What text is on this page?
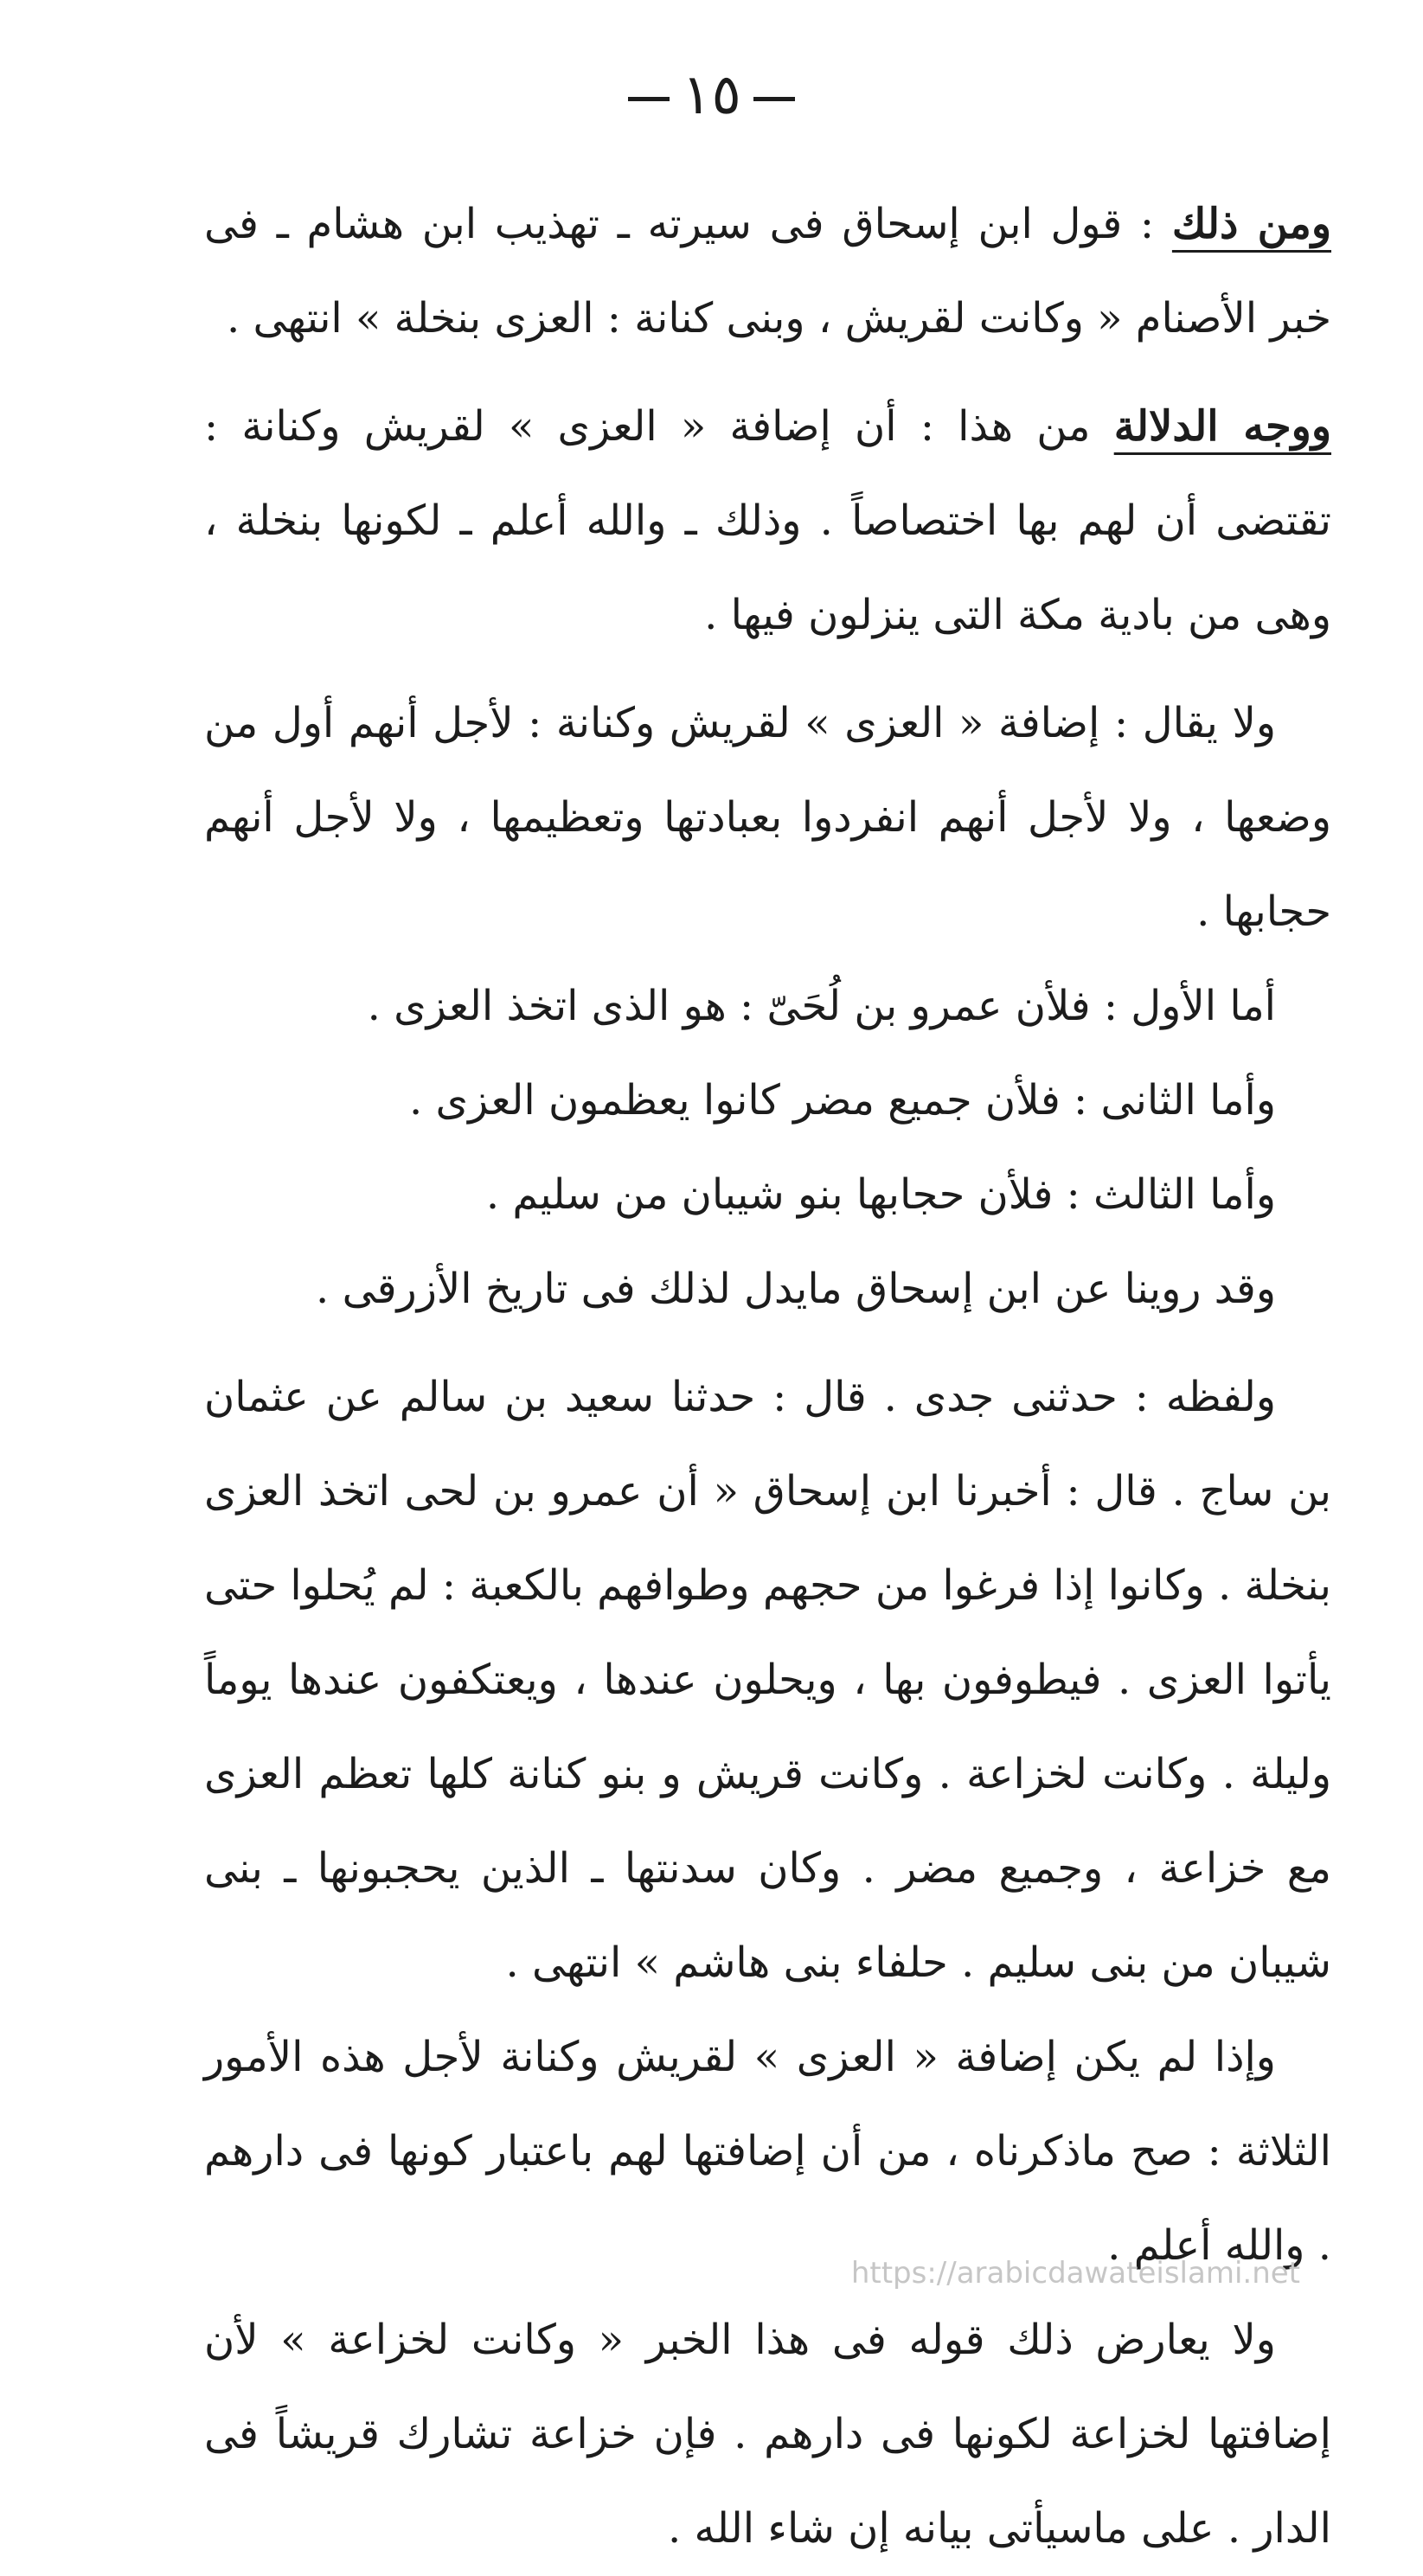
١٥

ومن ذلك : قول ابن إسحاق فى سيرته ـ تهذيب ابن هشام ـ فى خبر الأصنام « وكانت لقريش ، وبنى كنانة : العزى بنخلة » انتهى .

ووجه الدلالة من هذا : أن إضافة « العزى » لقريش وكنانة : تقتضى أن لهم بها اختصاصاً . وذلك ـ والله أعلم ـ لكونها بنخلة ، وهى من بادية مكة التى ينزلون فيها .

ولا يقال : إضافة « العزى » لقريش وكنانة : لأجل أنهم أول من وضعها ، ولا لأجل أنهم انفردوا بعبادتها وتعظيمها ، ولا لأجل أنهم حجابها .

أما الأول : فلأن عمرو بن لُحَىّ : هو الذى اتخذ العزى .

وأما الثانى : فلأن جميع مضر كانوا يعظمون العزى .

وأما الثالث : فلأن حجابها بنو شيبان من سليم .

وقد روينا عن ابن إسحاق مايدل لذلك فى تاريخ الأزرقى .

ولفظه : حدثنى جدى . قال : حدثنا سعيد بن سالم عن عثمان بن ساج . قال : أخبرنا ابن إسحاق « أن عمرو بن لحى اتخذ العزى بنخلة . وكانوا إذا فرغوا من حجهم وطوافهم بالكعبة : لم يُحلوا حتى يأتوا العزى . فيطوفون بها ، ويحلون عندها ، ويعتكفون عندها يوماً وليلة . وكانت لخزاعة . وكانت قريش و بنو كنانة كلها تعظم العزى مع خزاعة ، وجميع مضر . وكان سدنتها ـ الذين يحجبونها ـ بنى شيبان من بنى سليم . حلفاء بنى هاشم » انتهى .

وإذا لم يكن إضافة « العزى » لقريش وكنانة لأجل هذه الأمور الثلاثة : صح ماذكرناه ، من أن إضافتها لهم باعتبار كونها فى دارهم . والله أعلم .

ولا يعارض ذلك قوله فى هذا الخبر « وكانت لخزاعة » لأن إضافتها لخزاعة لكونها فى دارهم . فإن خزاعة تشارك قريشاً فى الدار . على ماسيأتى بيانه إن شاء الله .

https://arabicdawateislami.net
